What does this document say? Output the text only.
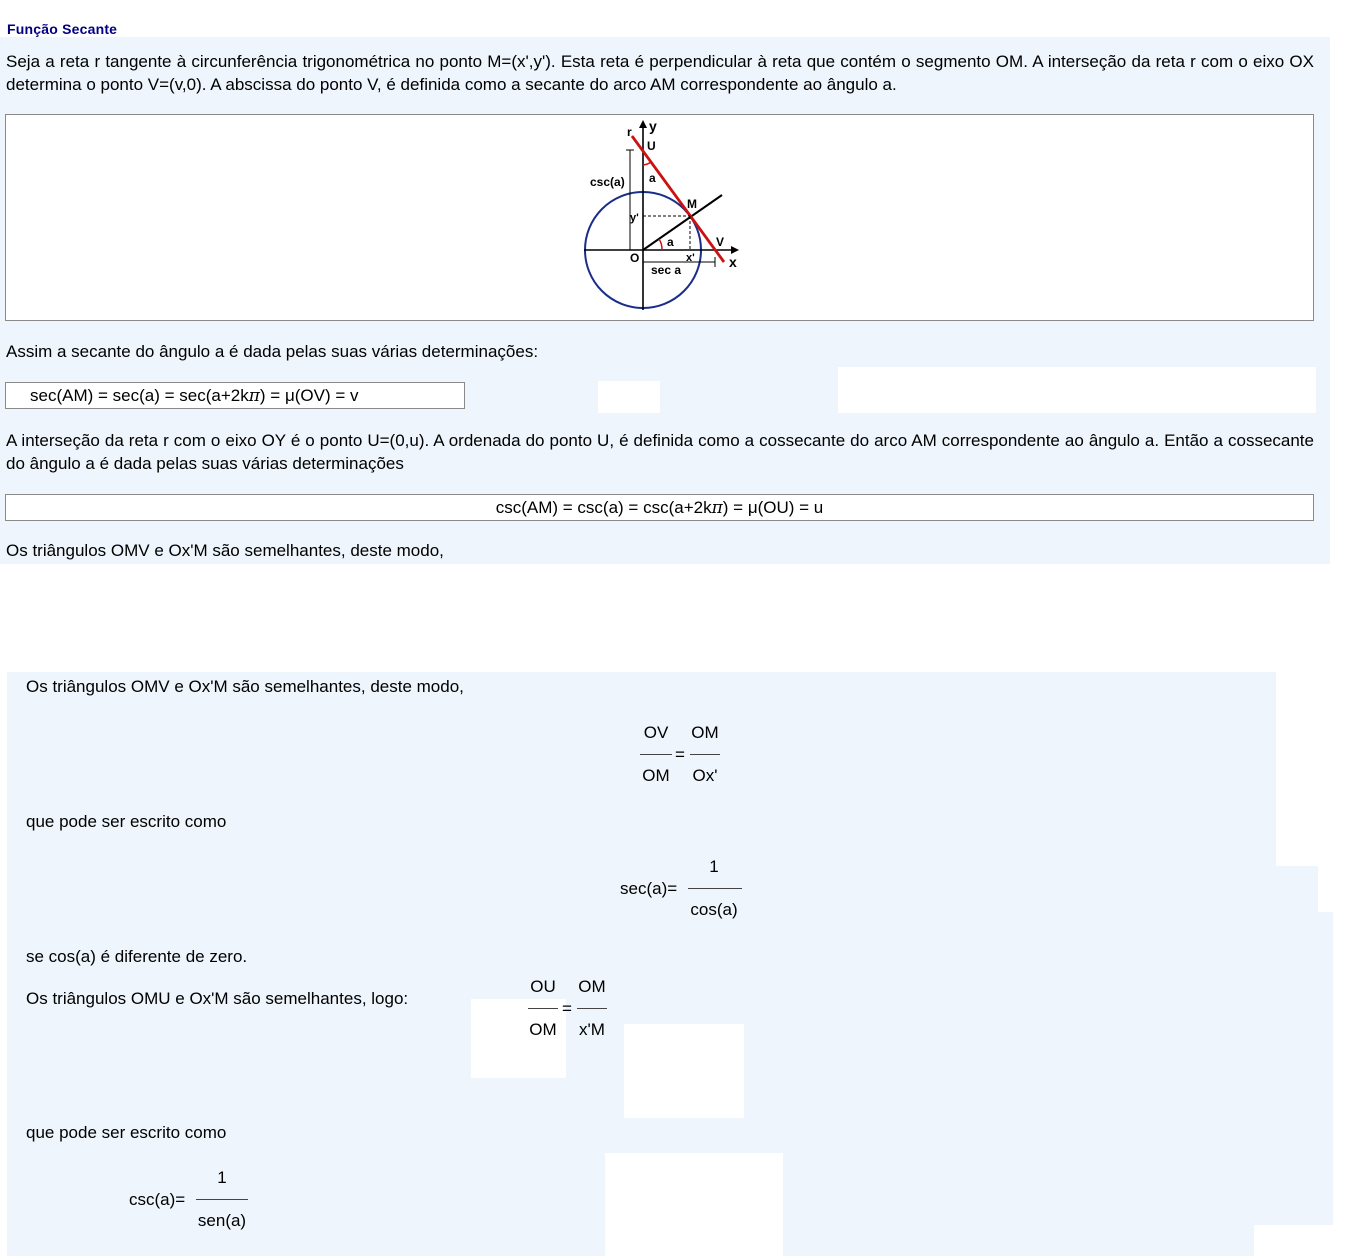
Função Secante
Seja a reta r tangente à circunferência trigonométrica no ponto M=(x',y'). Esta reta é perpendicular à reta que contém o segmento OM. A interseção da reta r com o eixo OX determina o ponto V=(v,0). A abscissa do ponto V, é definida como a secante do arco AM correspondente ao ângulo a.
r y
U
csc(a) a
M
y'
a	V
O	x' x
sec a
Assim a secante do ângulo a é dada pelas suas várias determinações:
sec(AM) = sec(a) = sec(a+2kπ) = μ(OV) = v
A interseção da reta r com o eixo OY é o ponto U=(0,u). A ordenada do ponto U, é definida como a cossecante do arco AM correspondente ao ângulo a. Então a cossecante do ângulo a é dada pelas suas várias determinações
csc(AM) = csc(a) = csc(a+2kπ) = μ(OU) = u
Os triângulos OMV e Ox'M são semelhantes, deste modo,
Os triângulos OMV e Ox'M são semelhantes, deste modo,
OV
OM
=
OM
Ox'
que pode ser escrito como
sec(a)=
1
cos(a)
se cos(a) é diferente de zero.
Os triângulos OMU e Ox'M são semelhantes, logo:
OU
OM
=
OM
x'M
que pode ser escrito como
csc(a)=
1
sen(a)
